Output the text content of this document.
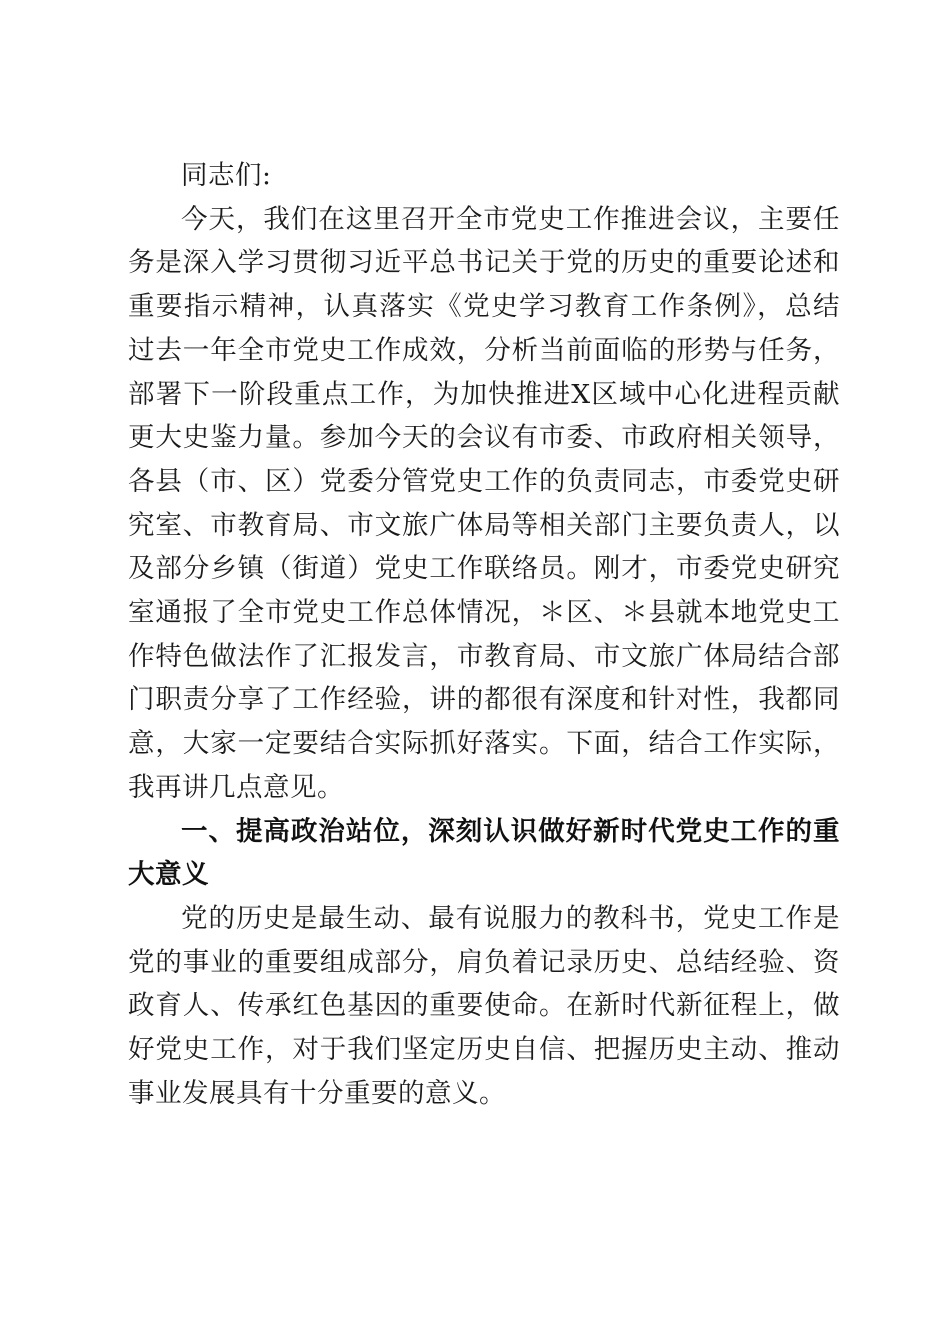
同志们:

今天，我们在这里召开全市党史工作推进会议，主要任务是深入学习贯彻习近平总书记关于党的历史的重要论述和重要指示精神，认真落实《党史学习教育工作条例》，总结过去一年全市党史工作成效，分析当前面临的形势与任务，部署下一阶段重点工作，为加快推进X区域中心化进程贡献更大史鉴力量。参加今天的会议有市委、市政府相关领导，各县（市、区）党委分管党史工作的负责同志，市委党史研究室、市教育局、市文旅广体局等相关部门主要负责人，以及部分乡镇（街道）党史工作联络员。刚才，市委党史研究室通报了全市党史工作总体情况，＊区、＊县就本地党史工作特色做法作了汇报发言，市教育局、市文旅广体局结合部门职责分享了工作经验，讲的都很有深度和针对性，我都同意，大家一定要结合实际抓好落实。下面，结合工作实际，我再讲几点意见。

一、提高政治站位，深刻认识做好新时代党史工作的重大意义

党的历史是最生动、最有说服力的教科书，党史工作是党的事业的重要组成部分，肩负着记录历史、总结经验、资政育人、传承红色基因的重要使命。在新时代新征程上，做好党史工作，对于我们坚定历史自信、把握历史主动、推动事业发展具有十分重要的意义。
